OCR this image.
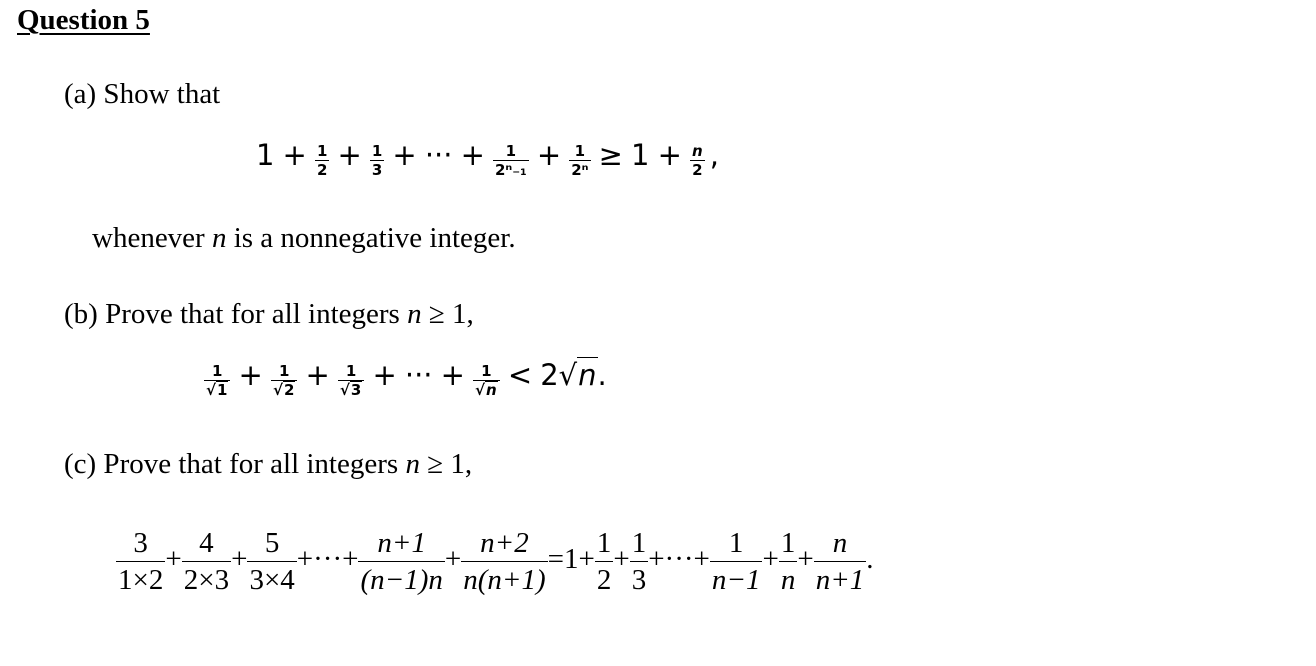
Question 5
(a) Show that
$1 + \frac{1}{2} + \frac{1}{3}$ + ··· + $\frac{1}{\text{2ⁿ₋₁}} + \frac{1}{\text{2ⁿ}} \ge 1 + \frac{n}{2}$ ,
whenever n is a nonnegative integer.
(b) Prove that for all integers n ≥ 1,
$\frac{1}{√1} + \frac{1}{√2} + \frac{1}{√3}$ + ··· + $\frac{1}{√n} < 2√n$.
(c) Prove that for all integers n ≥ 1,
$\frac{3}{1\times 2} + \frac{4}{2\times 3} + \frac{5}{3\times 4}$ +···+ $\frac{n+1}{(n-1)n} + \frac{n+2}{n(n+1)} =1+ \frac{1}{2} + \frac{1}{3}$ +···+ $\frac{1}{n-1} + \frac{1}{n} + \frac{n}{n+1}$ .
